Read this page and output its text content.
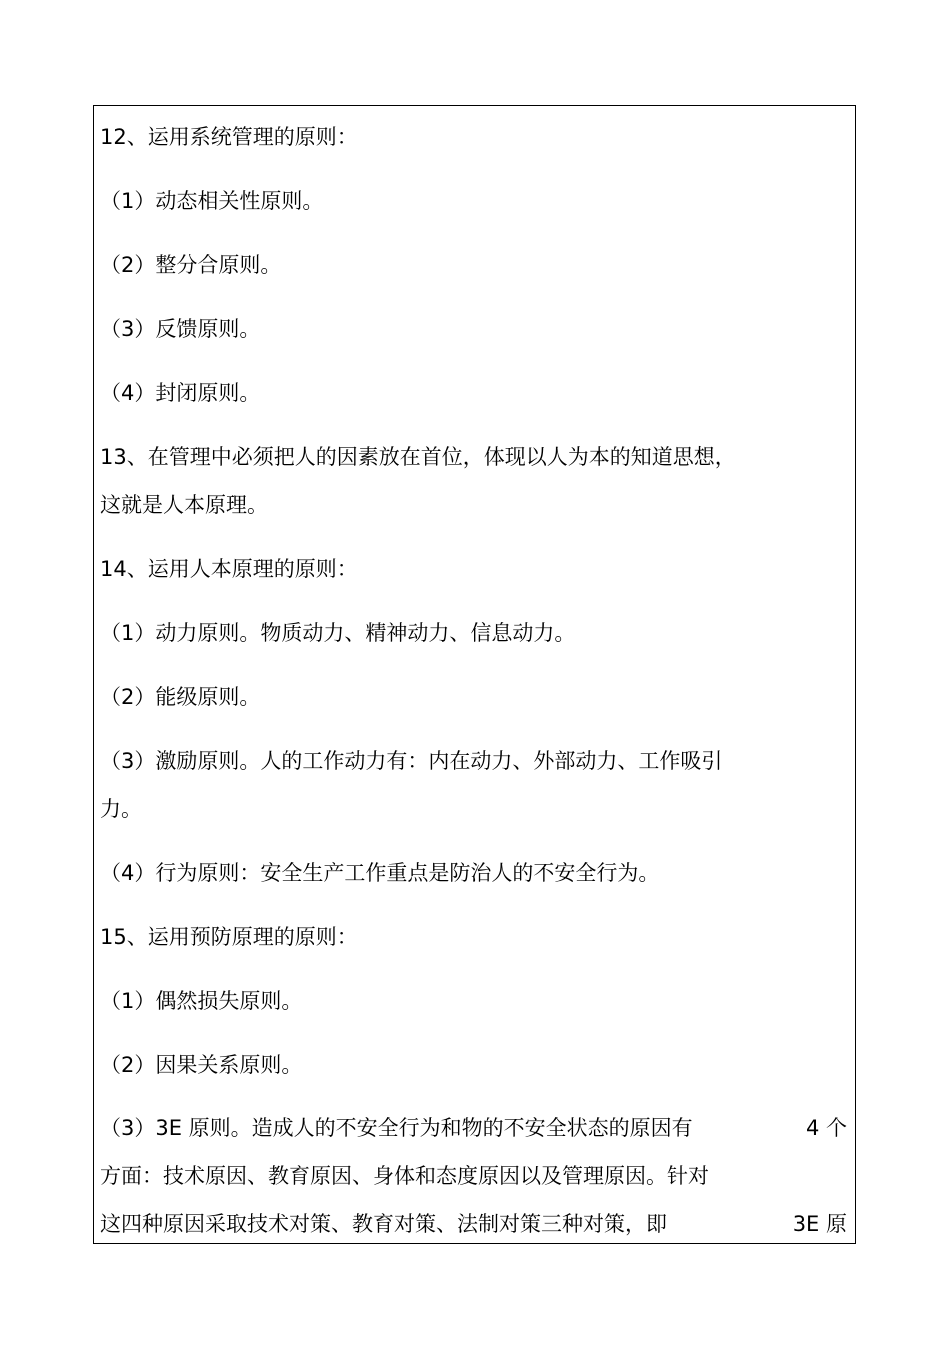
12、运用系统管理的原则：
（1）动态相关性原则。
（2）整分合原则。
（3）反馈原则。
（4）封闭原则。
13、在管理中必须把人的因素放在首位，体现以人为本的知道思想，
这就是人本原理。
14、运用人本原理的原则：
（1）动力原则。物质动力、精神动力、信息动力。
（2）能级原则。
（3）激励原则。人的工作动力有：内在动力、外部动力、工作吸引
力。
（4）行为原则：安全生产工作重点是防治人的不安全行为。
15、运用预防原理的原则：
（1）偶然损失原则。
（2）因果关系原则。
（3）3E 原则。造成人的不安全行为和物的不安全状态的原因有	4 个
方面：技术原因、教育原因、身体和态度原因以及管理原因。针对
这四种原因采取技术对策、教育对策、法制对策三种对策，即	3E 原
